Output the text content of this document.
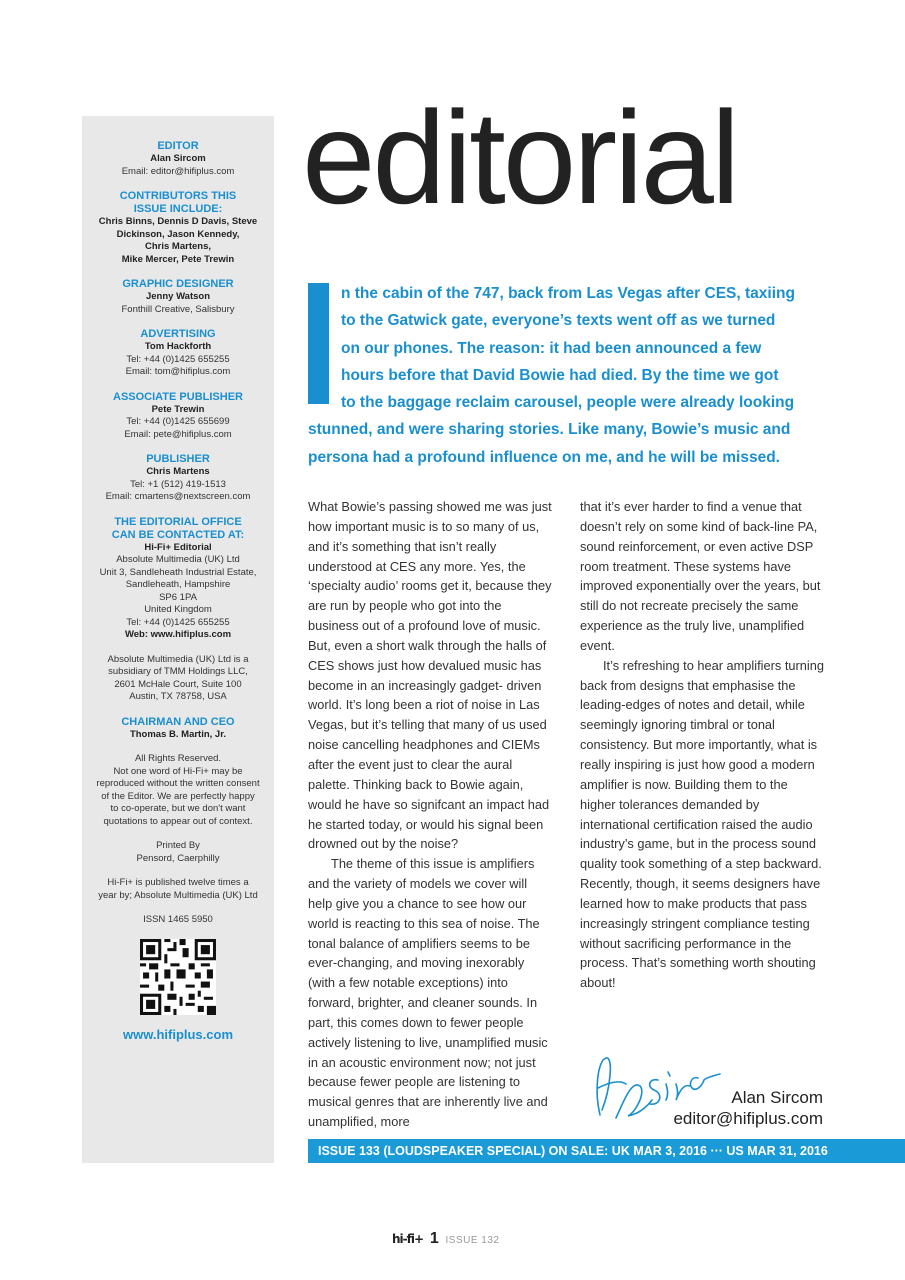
EDITOR
Alan Sircom
Email: editor@hifiplus.com
CONTRIBUTORS THIS
ISSUE INCLUDE:
Chris Binns, Dennis D Davis, Steve
Dickinson, Jason Kennedy,
Chris Martens,
Mike Mercer, Pete Trewin
GRAPHIC DESIGNER
Jenny Watson
Fonthill Creative, Salisbury
ADVERTISING
Tom Hackforth
Tel: +44 (0)1425 655255
Email: tom@hifiplus.com
ASSOCIATE PUBLISHER
Pete Trewin
Tel: +44 (0)1425 655699
Email: pete@hifiplus.com
PUBLISHER
Chris Martens
Tel: +1 (512) 419-1513
Email: cmartens@nextscreen.com
THE EDITORIAL OFFICE
CAN BE CONTACTED AT:
Hi-Fi+ Editorial
Absolute Multimedia (UK) Ltd
Unit 3, Sandleheath Industrial Estate,
Sandleheath, Hampshire
SP6 1PA
United Kingdom
Tel: +44 (0)1425 655255
Web: www.hifiplus.com
Absolute Multimedia (UK) Ltd is a
subsidiary of TMM Holdings LLC,
2601 McHale Court, Suite 100
Austin, TX 78758, USA
CHAIRMAN AND CEO
Thomas B. Martin, Jr.
All Rights Reserved.
Not one word of Hi-Fi+ may be
reproduced without the written consent
of the Editor. We are perfectly happy
to co-operate, but we don't want
quotations to appear out of context.
Printed By
Pensord, Caerphilly
Hi-Fi+ is published twelve times a
year by; Absolute Multimedia (UK) Ltd
ISSN 1465 5950
www.hifiplus.com
editorial
n the cabin of the 747, back from Las Vegas after CES, taxiing
to the Gatwick gate, everyone’s texts went off as we turned
on our phones. The reason: it had been announced a few
hours before that David Bowie had died. By the time we got
to the baggage reclaim carousel, people were already looking
stunned, and were sharing stories. Like many, Bowie’s music and
persona had a profound influence on me, and he will be missed.

What Bowie’s passing showed me was just how important music is to so many of us, and it’s something that isn’t really understood at CES any more. Yes, the ‘specialty audio’ rooms get it, because they are run by people who got into the business out of a profound love of music. But, even a short walk through the halls of CES shows just how devalued music has become in an increasingly gadget- driven world. It’s long been a riot of noise in Las Vegas, but it’s telling that many of us used noise cancelling headphones and CIEMs after the event just to clear the aural palette. Thinking back to Bowie again, would he have so signifcant an impact had he started today, or would his signal been drowned out by the noise?

The theme of this issue is amplifiers and the variety of models we cover will help give you a chance to see how our world is reacting to this sea of noise. The tonal balance of amplifiers seems to be ever-changing, and moving inexorably (with a few notable exceptions) into forward, brighter, and cleaner sounds. In part, this comes down to fewer people actively listening to live, unamplified music in an acoustic environment now; not just because fewer people are listening to musical genres that are inherently live and unamplified, more

that it’s ever harder to find a venue that doesn’t rely on some kind of back-line PA, sound reinforcement, or even active DSP room treatment. These systems have improved exponentially over the years, but still do not recreate precisely the same experience as the truly live, unamplified event.

It’s refreshing to hear amplifiers turning back from designs that emphasise the leading-edges of notes and detail, while seemingly ignoring timbral or tonal consistency. But more importantly, what is really inspiring is just how good a modern amplifier is now. Building them to the higher tolerances demanded by international certification raised the audio industry’s game, but in the process sound quality took something of a step backward. Recently, though, it seems designers have learned how to make products that pass increasingly stringent compliance testing without sacrificing performance in the process. That’s something worth shouting about!

Alan Sircom
editor@hifiplus.com
ISSUE 133 (LOUDSPEAKER SPECIAL) ON SALE: UK MAR 3, 2016 ··· US MAR 31, 2016
hi-fi+ 1 ISSUE 132
